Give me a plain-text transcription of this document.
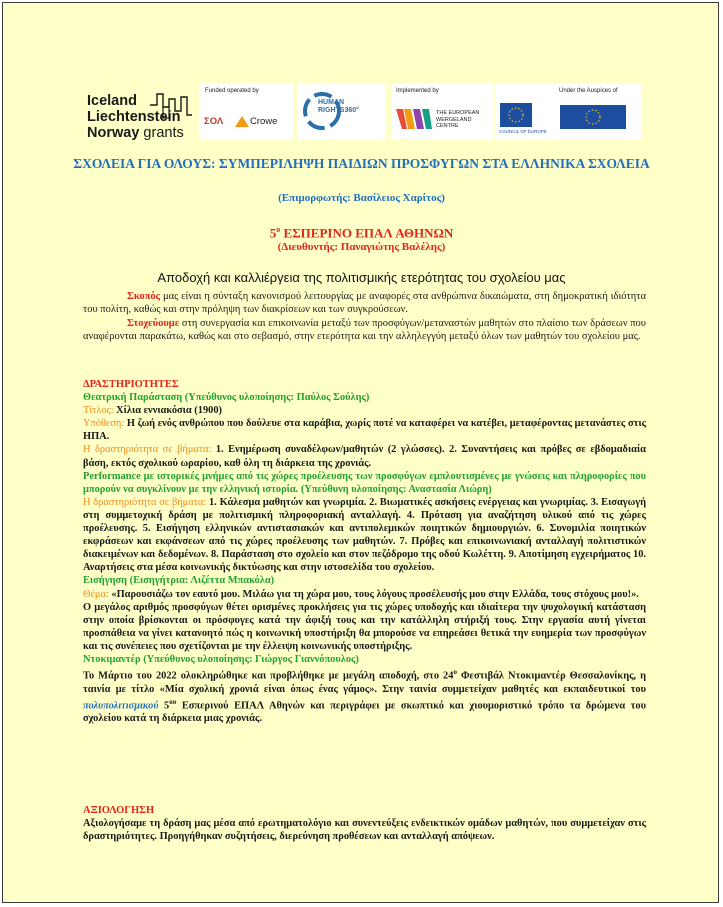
Iceland
Liechtenstein
Norway grants
Funded operated by
ΣΟΛ	Crowe
HUMAN
RIGHTS360°
Implemented by
THE EUROPEAN
WERGELAND
CENTRE
COUNCIL OF EUROPE
Under the Auspices of
ΣΧΟΛΕΙΑ ΓΙΑ ΟΛΟΥΣ: ΣΥΜΠΕΡΙΛΗΨΗ ΠΑΙΔΙΩΝ ΠΡΟΣΦΥΓΩΝ ΣΤΑ ΕΛΛΗΝΙΚΑ ΣΧΟΛΕΙΑ
(Επιμορφωτής: Βασίλειος Χαρίτος)
$5^o$ ΕΣΠΕΡΙΝΟ ΕΠΑΛ ΑΘΗΝΩΝ
(Διευθυντής: Παναγιώτης Βαλέλης)
Αποδοχή και καλλιέργεια της πολιτισμικής ετερότητας του σχολείου μας
Σκοπός μας είναι η σύνταξη κανονισμού λειτουργίας με αναφορές στα ανθρώπινα δικαιώματα, στη δημοκρατική ιδιότητα του πολίτη, καθώς και στην πρόληψη των διακρίσεων και των συγκρούσεων.
Στοχεύουμε στη συνεργασία και επικοινωνία μεταξύ των προσφύγων/μεταναστών μαθητών στο πλαίσιο των δράσεων που αναφέρονται παρακάτω, καθώς και στο σεβασμό, στην ετερότητα και την αλληλεγγύη μεταξύ όλων των μαθητών του σχολείου μας.

ΔΡΑΣΤΗΡΙΟΤΗΤΕΣ

Θεατρική Παράσταση (Υπεύθυνος υλοποίησης: Παύλος Σούλης)

Τίτλος: Χίλια εννιακόσια (1900)

Υπόθεση: Η ζωή ενός ανθρώπου που δούλευε στα καράβια, χωρίς ποτέ να καταφέρει να κατέβει, μεταφέροντας μετανάστες στις ΗΠΑ.

Η δραστηριότητα σε βήματα: 1. Ενημέρωση συναδέλφων/μαθητών (2 γλώσσες). 2. Συναντήσεις και πρόβες σε εβδομαδιαία βάση, εκτός σχολικού ωραρίου, καθ όλη τη διάρκεια της χρονιάς.

Performance με ιστορικές μνήμες από τις χώρες προέλευσης των προσφύγων εμπλουτισμένες με γνώσεις και πληροφορίες που μπορούν να συγκλίνουν με την ελληνική ιστορία. (Υπεύθυνη υλοποίησης: Αναστασία Λιώρη)

Η δραστηριότητα σε βήματα: 1. Κάλεσμα μαθητών και γνωριμία. 2. Βιωματικές ασκήσεις ενέργειας και γνωριμίας. 3. Εισαγωγή στη συμμετοχική δράση με πολιτισμική πληροφοριακή ανταλλαγή. 4. Πρόταση για αναζήτηση υλικού από τις χώρες προέλευσης. 5. Εισήγηση ελληνικών αντιστασιακών και αντιπολεμικών ποιητικών δημιουργιών. 6. Συνομιλία ποιητικών εκφράσεων και εκφάνσεων από τις χώρες προέλευσης των μαθητών. 7. Πρόβες και επικοινωνιακή ανταλλαγή πολιτιστικών διακειμένων και δεδομένων. 8. Παράσταση στο σχολείο και στον πεζόδρομο της οδού Κωλέττη. 9. Αποτίμηση εγχειρήματος 10. Αναρτήσεις στα μέσα κοινωνικής δικτύωσης και στην ιστοσελίδα του σχολείου.

Εισήγηση (Εισηγήτρια: Λιζέττα Μπακόλα)

Θέμα: «Παρουσιάζω τον εαυτό μου. Μιλάω για τη χώρα μου, τους λόγους προσέλευσής μου στην Ελλάδα, τους στόχους μου!».

Ο μεγάλος αριθμός προσφύγων θέτει ορισμένες προκλήσεις για τις χώρες υποδοχής και ιδιαίτερα την ψυχολογική κατάσταση στην οποία βρίσκονται οι πρόσφυγες κατά την άφιξή τους και την κατάλληλη στήριξή τους. Στην εργασία αυτή γίνεται προσπάθεια να γίνει κατανοητό πώς η κοινωνική υποστήριξη θα μπορούσε να επηρεάσει θετικά την ευημερία των προσφύγων και τις συνέπειες που σχετίζονται με την έλλειψη κοινωνικής υποστήριξης.

Ντοκιμαντέρ (Υπεύθυνος υλοποίησης: Γιώργος Γιαννόπουλος)

Το Μάρτιο του 2022 ολοκληρώθηκε και προβλήθηκε με μεγάλη αποδοχή, στο $24^o$ Φεστιβάλ Ντοκιμαντέρ Θεσσαλονίκης, η ταινία με τίτλο «Μία σχολική χρονιά είναι όπως ένας γάμος». Στην ταινία συμμετείχαν μαθητές και εκπαιδευτικοί του πολυπολιτισμικού $5^{o\upsilon}$ Εσπερινού ΕΠΑΛ Αθηνών και περιγράφει με σκωπτικό και χιουμοριστικό τρόπο τα δρώμενα του σχολείου κατά τη διάρκεια μιας χρονιάς.

ΑΞΙΟΛΟΓΗΣΗ

Αξιολογήσαμε τη δράση μας μέσα από ερωτηματολόγιο και συνεντεύξεις ενδεικτικών ομάδων μαθητών, που συμμετείχαν στις δραστηριότητες. Προηγήθηκαν συζητήσεις, διερεύνηση προθέσεων και ανταλλαγή απόψεων.
